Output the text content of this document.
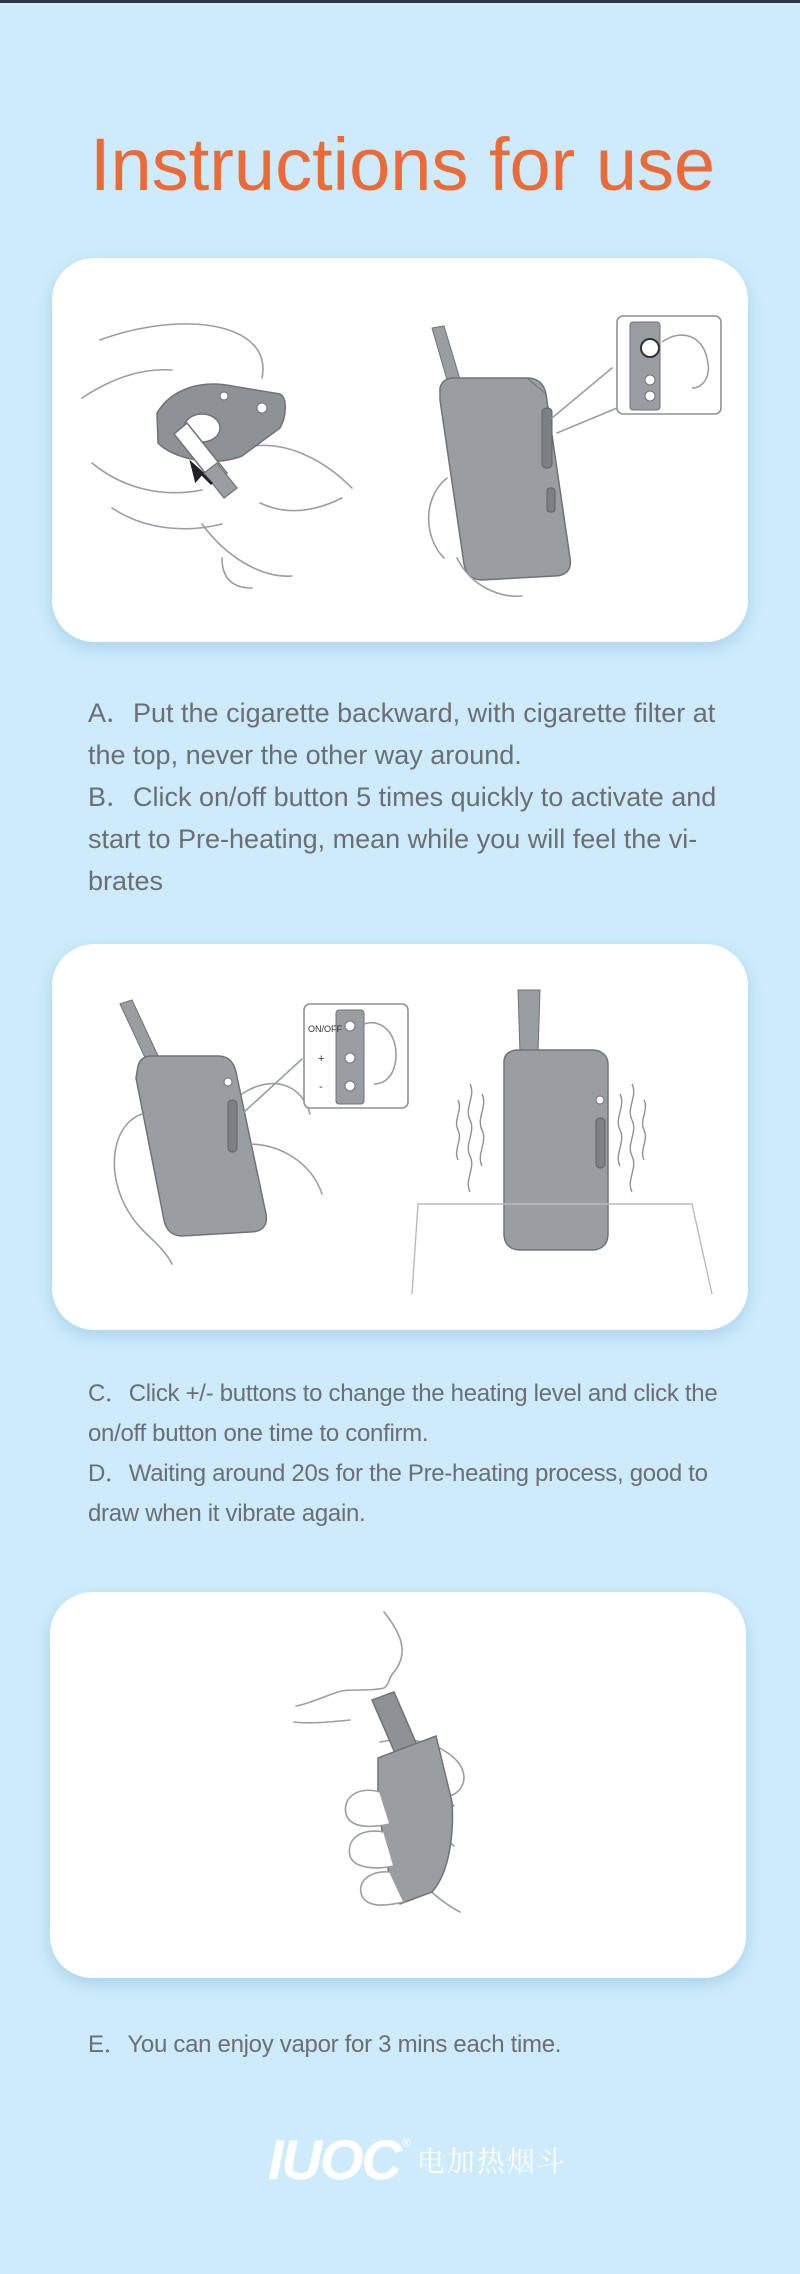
Instructions for use

A．Put the cigarette backward, with cigarette filter at the top, never the other way around.

B．Click on/off button 5 times quickly to activate and start to Pre-heating, mean while you will feel the vi-brates

ON/OFF
+
-

C．Click +/- buttons to change the heating level and click the on/off button one time to confirm.

D．Waiting around 20s for the Pre-heating process, good to draw when it vibrate again.

E．You can enjoy vapor for 3 mins each time.

IUOC ®
电加热烟斗
